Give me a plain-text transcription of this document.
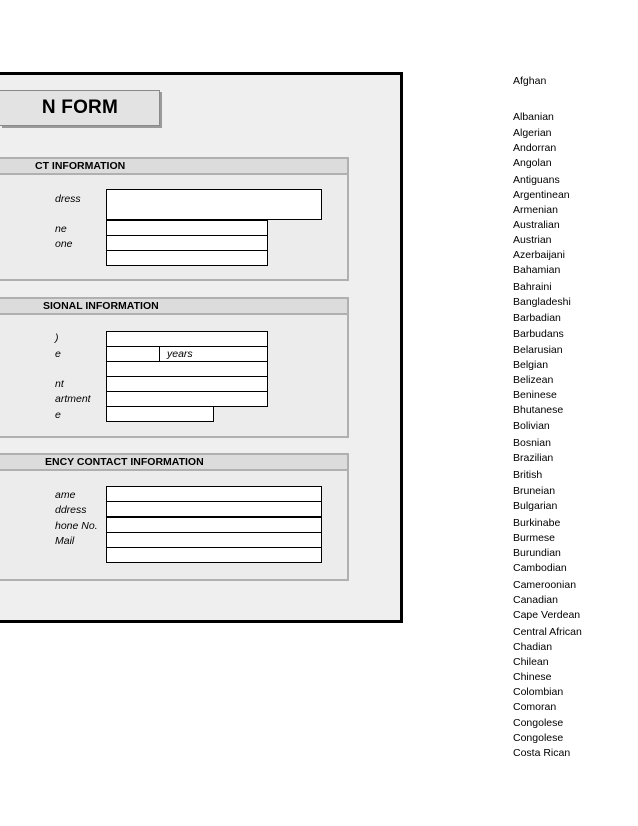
N FORM
CT INFORMATION
dress
ne
one
SIONAL INFORMATION
)
e
nt
artment
e
years
ENCY CONTACT INFORMATION
ame
ddress
hone No.
Mail
Afghan
Albanian
Algerian
Andorran
Angolan
Antiguans
Argentinean
Armenian
Australian
Austrian
Azerbaijani
Bahamian
Bahraini
Bangladeshi
Barbadian
Barbudans
Belarusian
Belgian
Belizean
Beninese
Bhutanese
Bolivian
Bosnian
Brazilian
British
Bruneian
Bulgarian
Burkinabe
Burmese
Burundian
Cambodian
Cameroonian
Canadian
Cape Verdean
Central African
Chadian
Chilean
Chinese
Colombian
Comoran
Congolese
Congolese
Costa Rican
